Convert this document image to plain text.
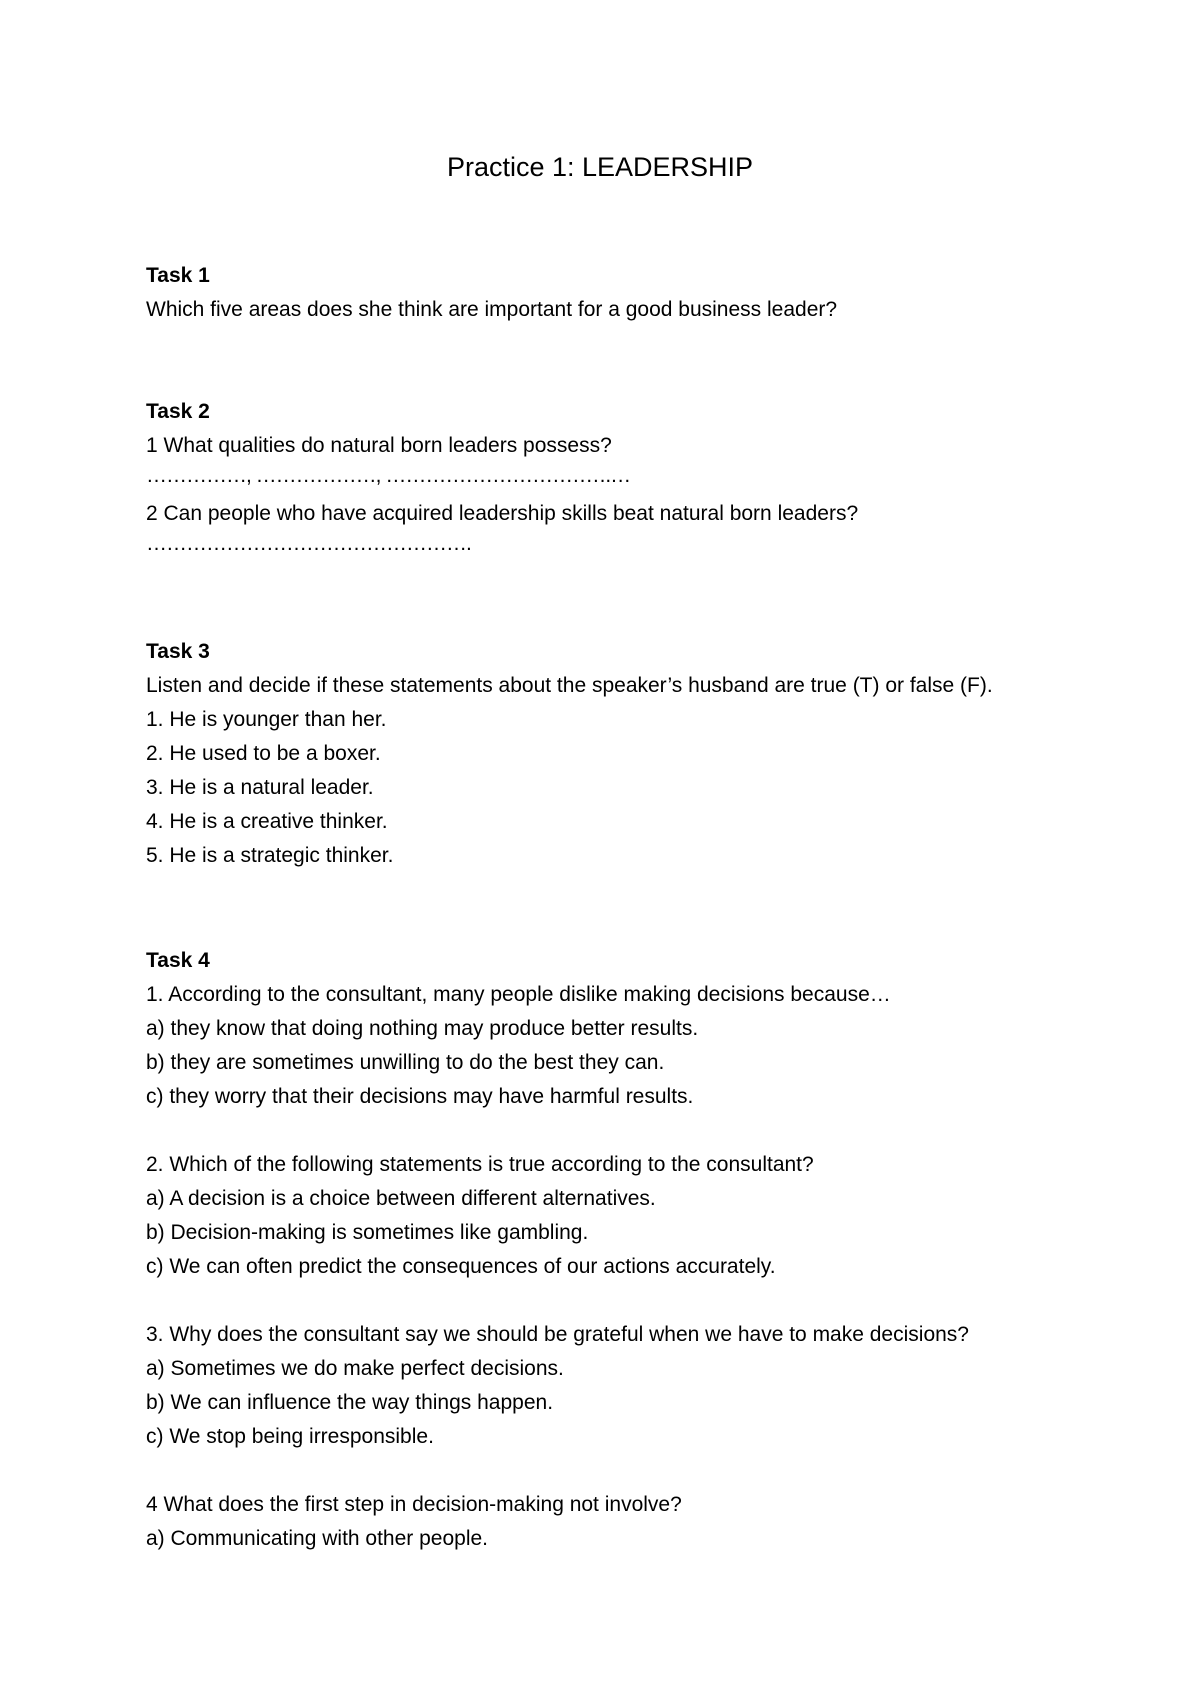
Practice 1: LEADERSHIP

Task 1

Which five areas does she think are important for a good business leader?

Task 2

1 What qualities do natural born leaders possess?

……………, ………………, …………………………….…

2 Can people who have acquired leadership skills beat natural born leaders?

………………………………………….

Task 3

Listen and decide if these statements about the speaker’s husband are true (T) or false (F).

1. He is younger than her.

2. He used to be a boxer.

3. He is a natural leader.

4. He is a creative thinker.

5. He is a strategic thinker.

Task 4

1. According to the consultant, many people dislike making decisions because…

a) they know that doing nothing may produce better results.

b) they are sometimes unwilling to do the best they can.

c) they worry that their decisions may have harmful results.

2. Which of the following statements is true according to the consultant?

a) A decision is a choice between different alternatives.

b) Decision-making is sometimes like gambling.

c) We can often predict the consequences of our actions accurately.

3. Why does the consultant say we should be grateful when we have to make decisions?

a) Sometimes we do make perfect decisions.

b) We can influence the way things happen.

c) We stop being irresponsible.

4 What does the first step in decision-making not involve?

a) Communicating with other people.
